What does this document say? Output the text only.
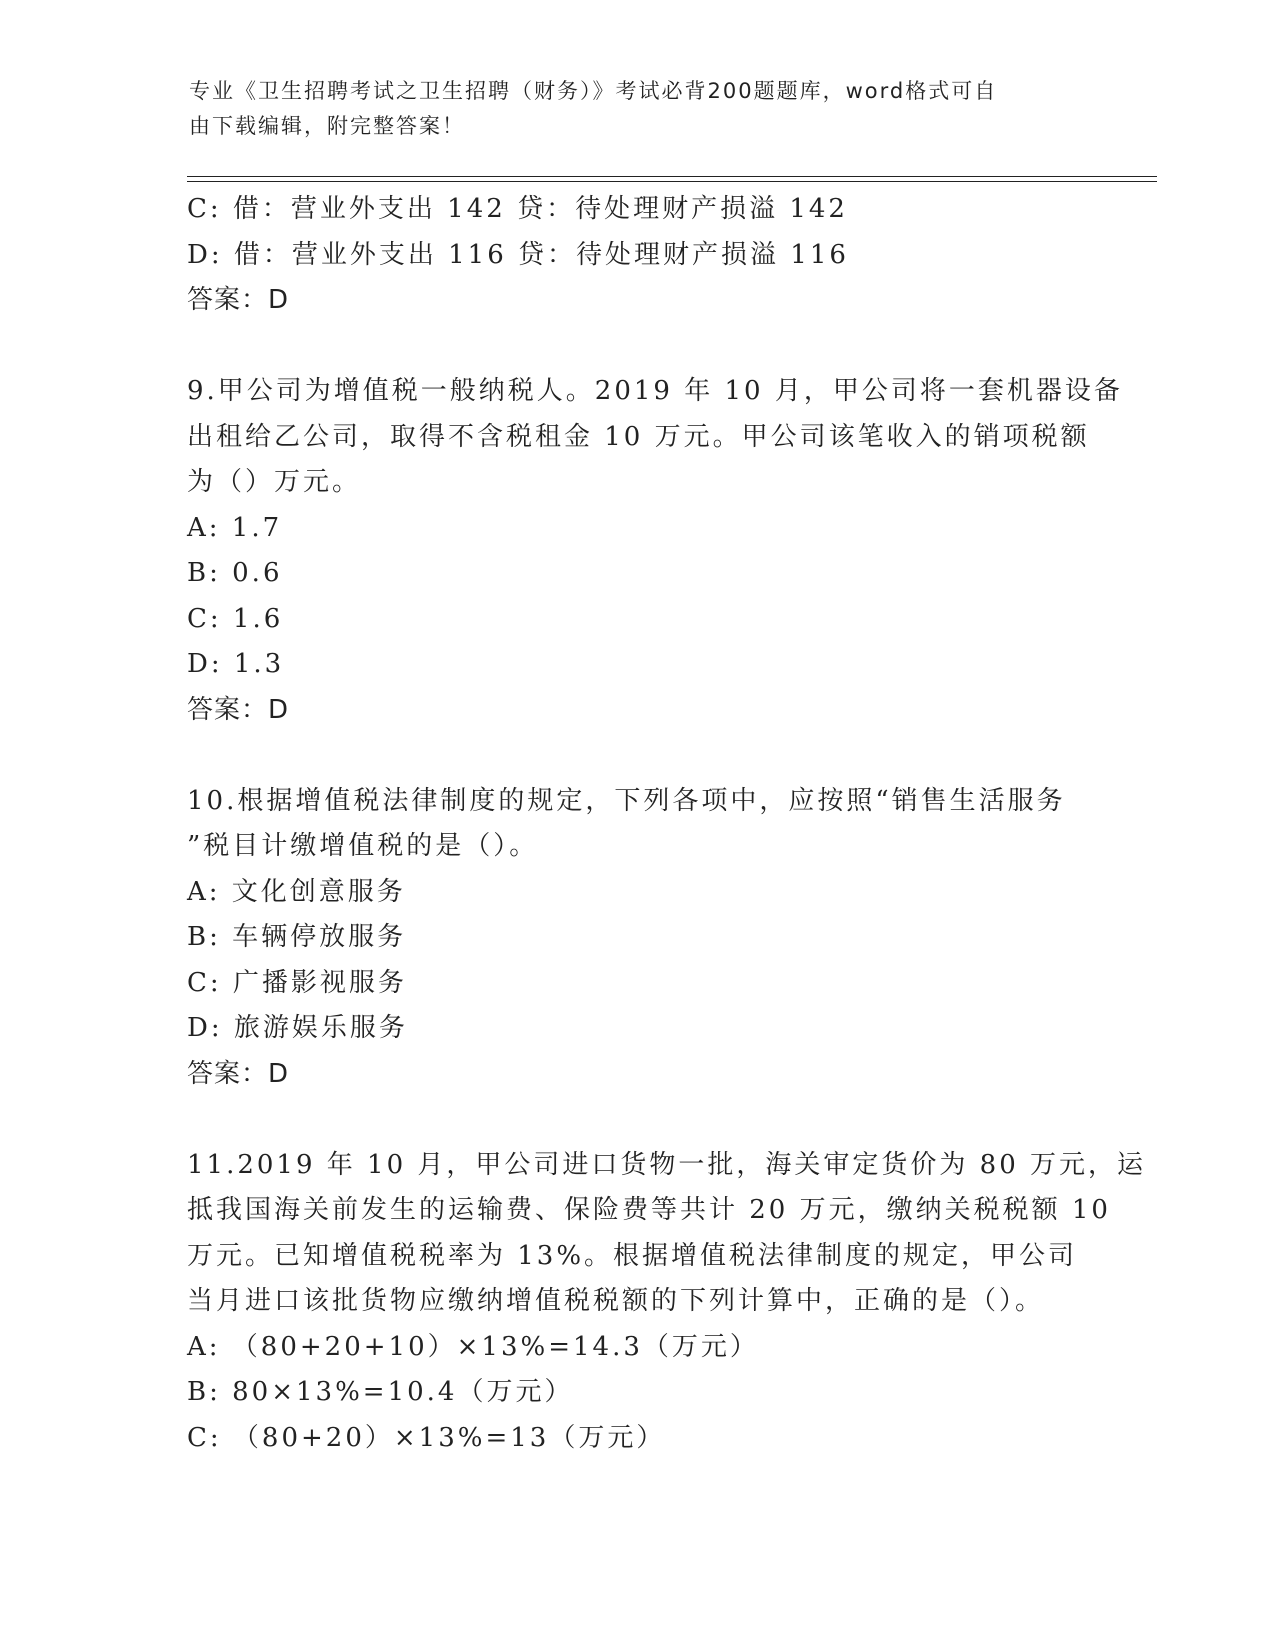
专业《卫生招聘考试之卫生招聘（财务）》考试必背200题题库，word格式可自
由下载编辑，附完整答案！
C: 借：营业外支出 142 贷：待处理财产损溢 142
D: 借：营业外支出 116 贷：待处理财产损溢 116
答案：D
9.甲公司为增值税一般纳税人。2019 年 10 月，甲公司将一套机器设备
出租给乙公司，取得不含税租金 10 万元。甲公司该笔收入的销项税额
为（）万元。
A: 1.7
B: 0.6
C: 1.6
D: 1.3
答案：D
10.根据增值税法律制度的规定，下列各项中，应按照“销售生活服务
”税目计缴增值税的是（）。
A: 文化创意服务
B: 车辆停放服务
C: 广播影视服务
D: 旅游娱乐服务
答案：D
11.2019 年 10 月，甲公司进口货物一批，海关审定货价为 80 万元，运
抵我国海关前发生的运输费、保险费等共计 20 万元，缴纳关税税额 10
万元。已知增值税税率为 13%。根据增值税法律制度的规定，甲公司
当月进口该批货物应缴纳增值税税额的下列计算中，正确的是（）。
A: （80+20+10）×13%=14.3（万元）
B: 80×13%=10.4（万元）
C: （80+20）×13%=13（万元）
